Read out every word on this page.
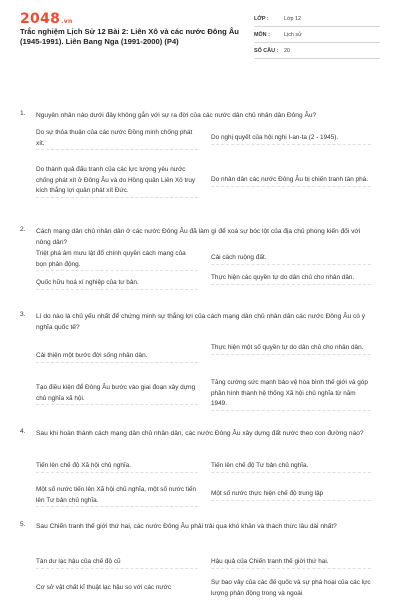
2048.vn
Trắc nghiệm Lịch Sử 12 Bài 2: Liên Xô và các nước Đông Âu (1945-1991). Liên Bang Nga (1991-2000) (P4)
LỚP :	Lớp 12
MÔN :	Lịch sử
SỐ CÂU : 20
1. Nguyên nhân nào dưới đây không gắn với sự ra đời của các nước dân chủ nhân dân Đông Âu?
Do sự thỏa thuận của các nước Đồng minh chống phát xít.
Do nghị quyết của hội nghị I-an-ta (2 - 1945).
Do thành quả đấu tranh của các lực lượng yêu nước chống phát xít ở Đông Âu và do Hồng quân Liên Xô truy kích thắng lợi quân phát xít Đức.
Do nhân dân các nước Đông Âu bị chiến tranh tàn phá.
2. Cách mạng dân chủ nhân dân ở các nước Đông Âu đã làm gì để xoá sự bóc lột của địa chủ phong kiến đối với nông dân?
Triệt phá âm mưu lật đổ chính quyền cách mạng của bọn phản động.
Cải cách ruộng đất.
Quốc hữu hoá xí nghiệp của tư bản.
Thực hiện các quyền tự do dân chủ cho nhân dân.
3. Lí do nào là chủ yếu nhất để chứng minh sự thắng lợi của cách mạng dân chủ nhân dân các nước Đông Âu có ý nghĩa quốc tế?
Cải thiện một bước đời sống nhân dân.
Thực hiện một số quyền tự do dân chủ cho nhân dân.
Tạo điều kiện để Đông Âu bước vào giai đoạn xây dựng chủ nghĩa xã hội.
Tăng cường sức mạnh bảo vệ hòa bình thế giới và góp phần hình thành hệ thống Xã hội chủ nghĩa từ năm 1949.
4. Sau khi hoàn thành cách mạng dân chủ nhân dân, các nước Đông Âu xây dựng đất nước theo con đường nào?
Tiến lên chế độ Xã hội chủ nghĩa.	Tiến lên chế độ Tư bản chủ nghĩa.
Một số nước tiến lên Xã hội chủ nghĩa, một số nước tiến lên Tư bản chủ nghĩa.
Một số nước thực hiện chế độ trung lập
5. Sau Chiến tranh thế giới thứ hai, các nước Đông Âu phải trải qua khó khăn và thách thức lâu dài nhất?
Tàn dư lạc hậu của chế độ cũ	Hậu quả của Chiến tranh thế giới thứ hai.
Cơ sở vật chất kĩ thuật lạc hậu so với các nước
Sự bao vây của các đế quốc và sự phá hoại của các lực lượng phản động trong và ngoài
